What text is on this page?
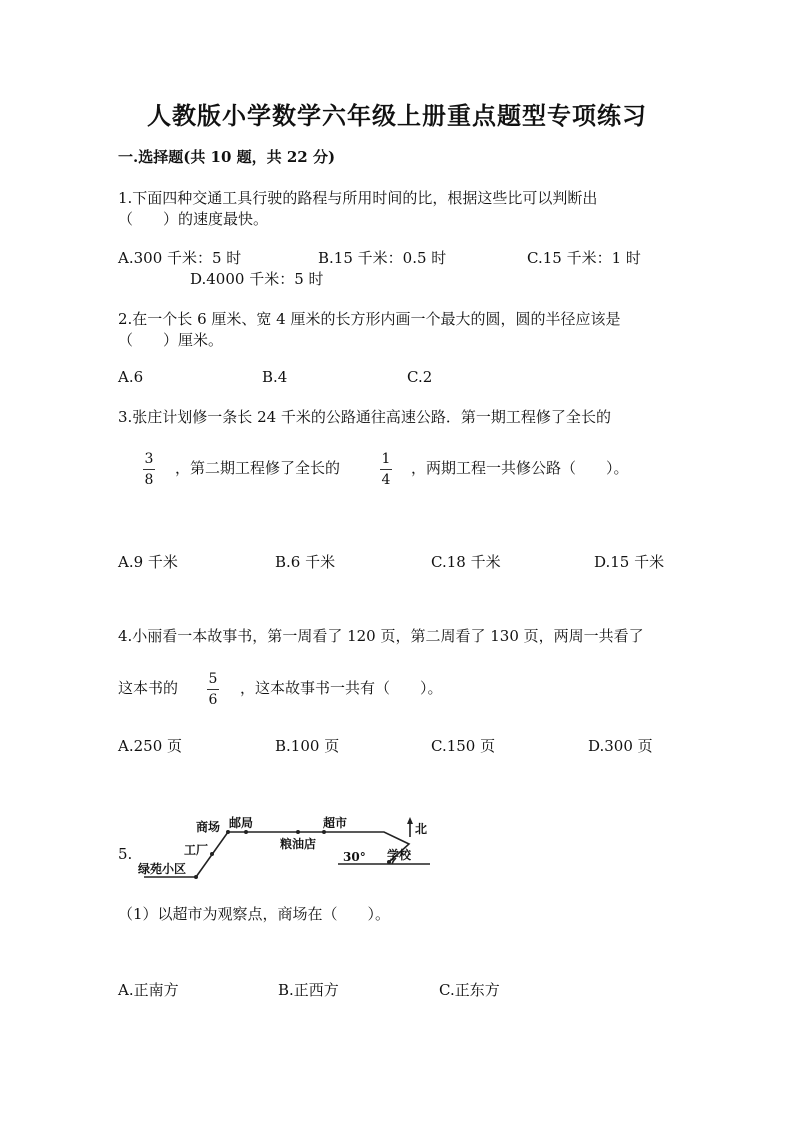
人教版小学数学六年级上册重点题型专项练习
一.选择题(共 10 题，共 22 分)
1.下面四种交通工具行驶的路程与所用时间的比，根据这些比可以判断出
（　　）的速度最快。
A.300 千米：5 时	B.15 千米：0.5 时	C.15 千米：1 时
D.4000 千米：5 时
2.在一个长 6 厘米、宽 4 厘米的长方形内画一个最大的圆，圆的半径应该是
（　　）厘米。
A.6	B.4	C.2
3.张庄计划修一条长 24 千米的公路通往高速公路．第一期工程修了全长的
3
8
，第二期工程修了全长的	1
4
，两期工程一共修公路（　　）。
A.9 千米	B.6 千米	C.18 千米	D.15 千米
4.小丽看一本故事书，第一周看了 120 页，第二周看了 130 页，两周一共看了
这本书的 5
6
，这本故事书一共有（　　）。
A.250 页	B.100 页	C.150 页	D.300 页
5.
商场 邮局	超市
工厂	粮油店
学校
绿苑小区
北
30°
（1）以超市为观察点，商场在（　　）。
A.正南方	B.正西方	C.正东方
